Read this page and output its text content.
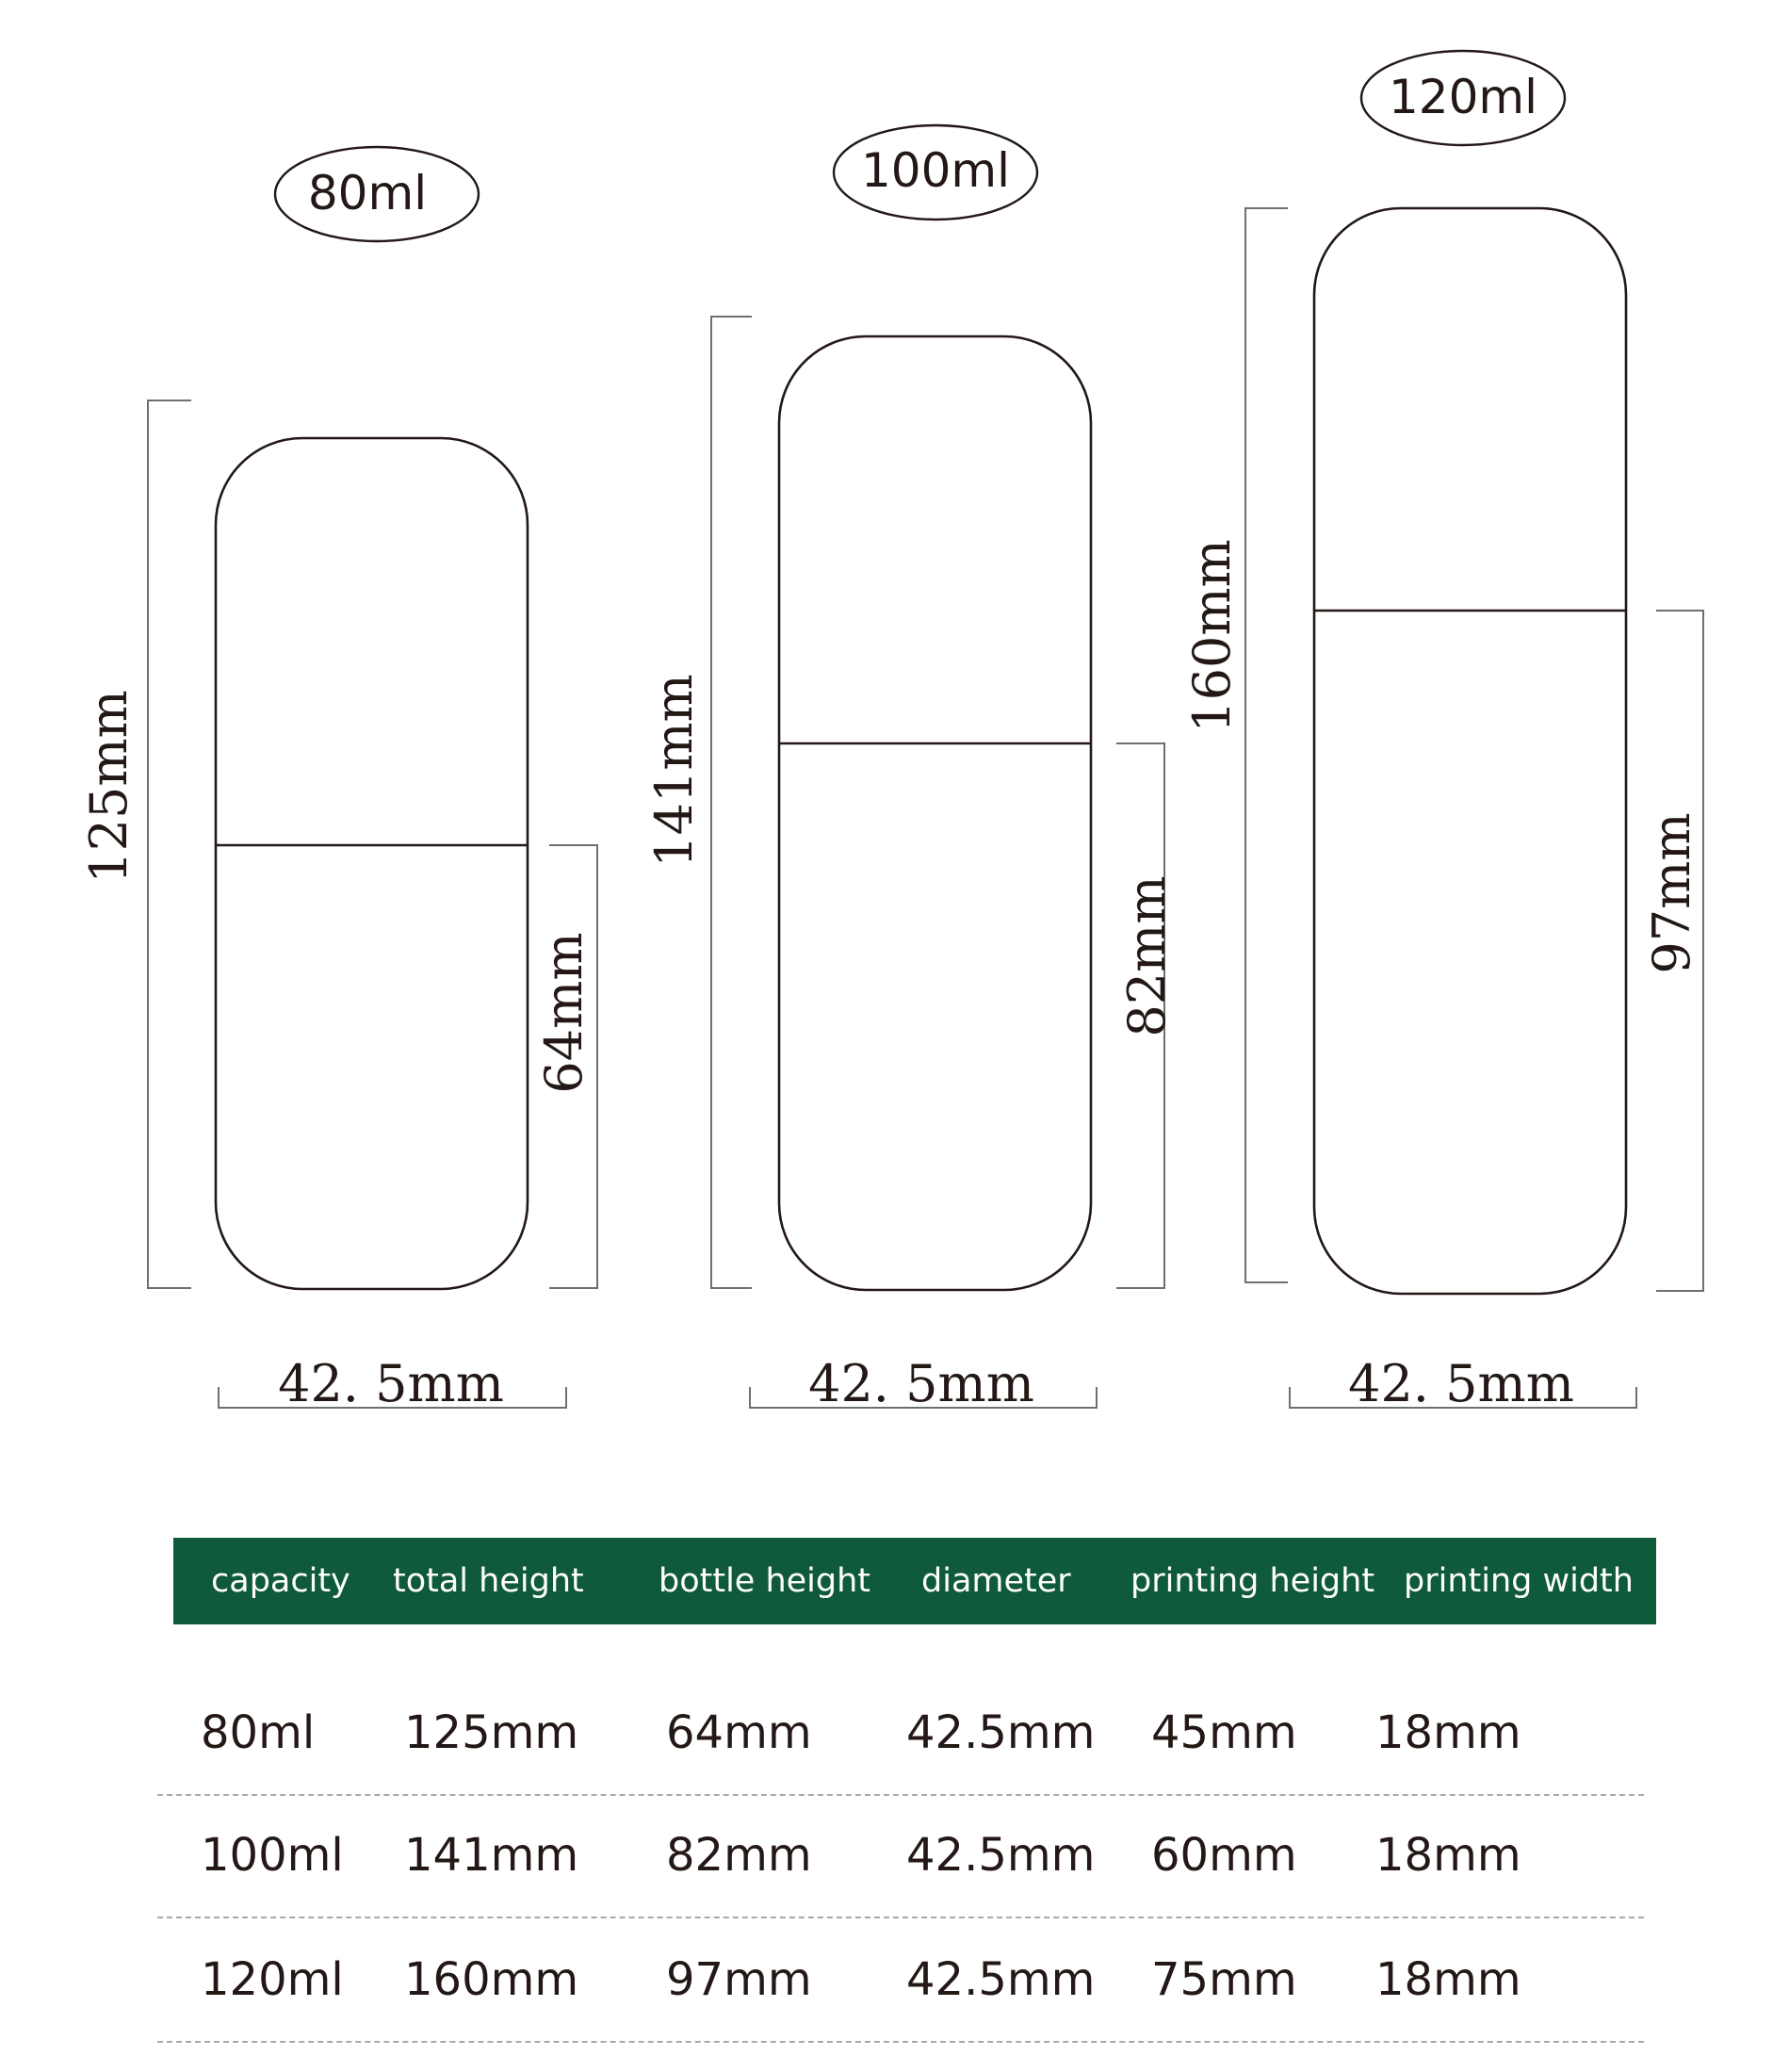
80ml
125mm
64mm
42. 5mm
100ml
141mm
82mm
42. 5mm
120ml
160mm
97mm
42. 5mm
capacity total height bottle height diameter printing height printing width
80ml 125mm 64mm 42.5mm 45mm 18mm
100ml 141mm 82mm 42.5mm 60mm 18mm
120ml 160mm 97mm 42.5mm 75mm 18mm
